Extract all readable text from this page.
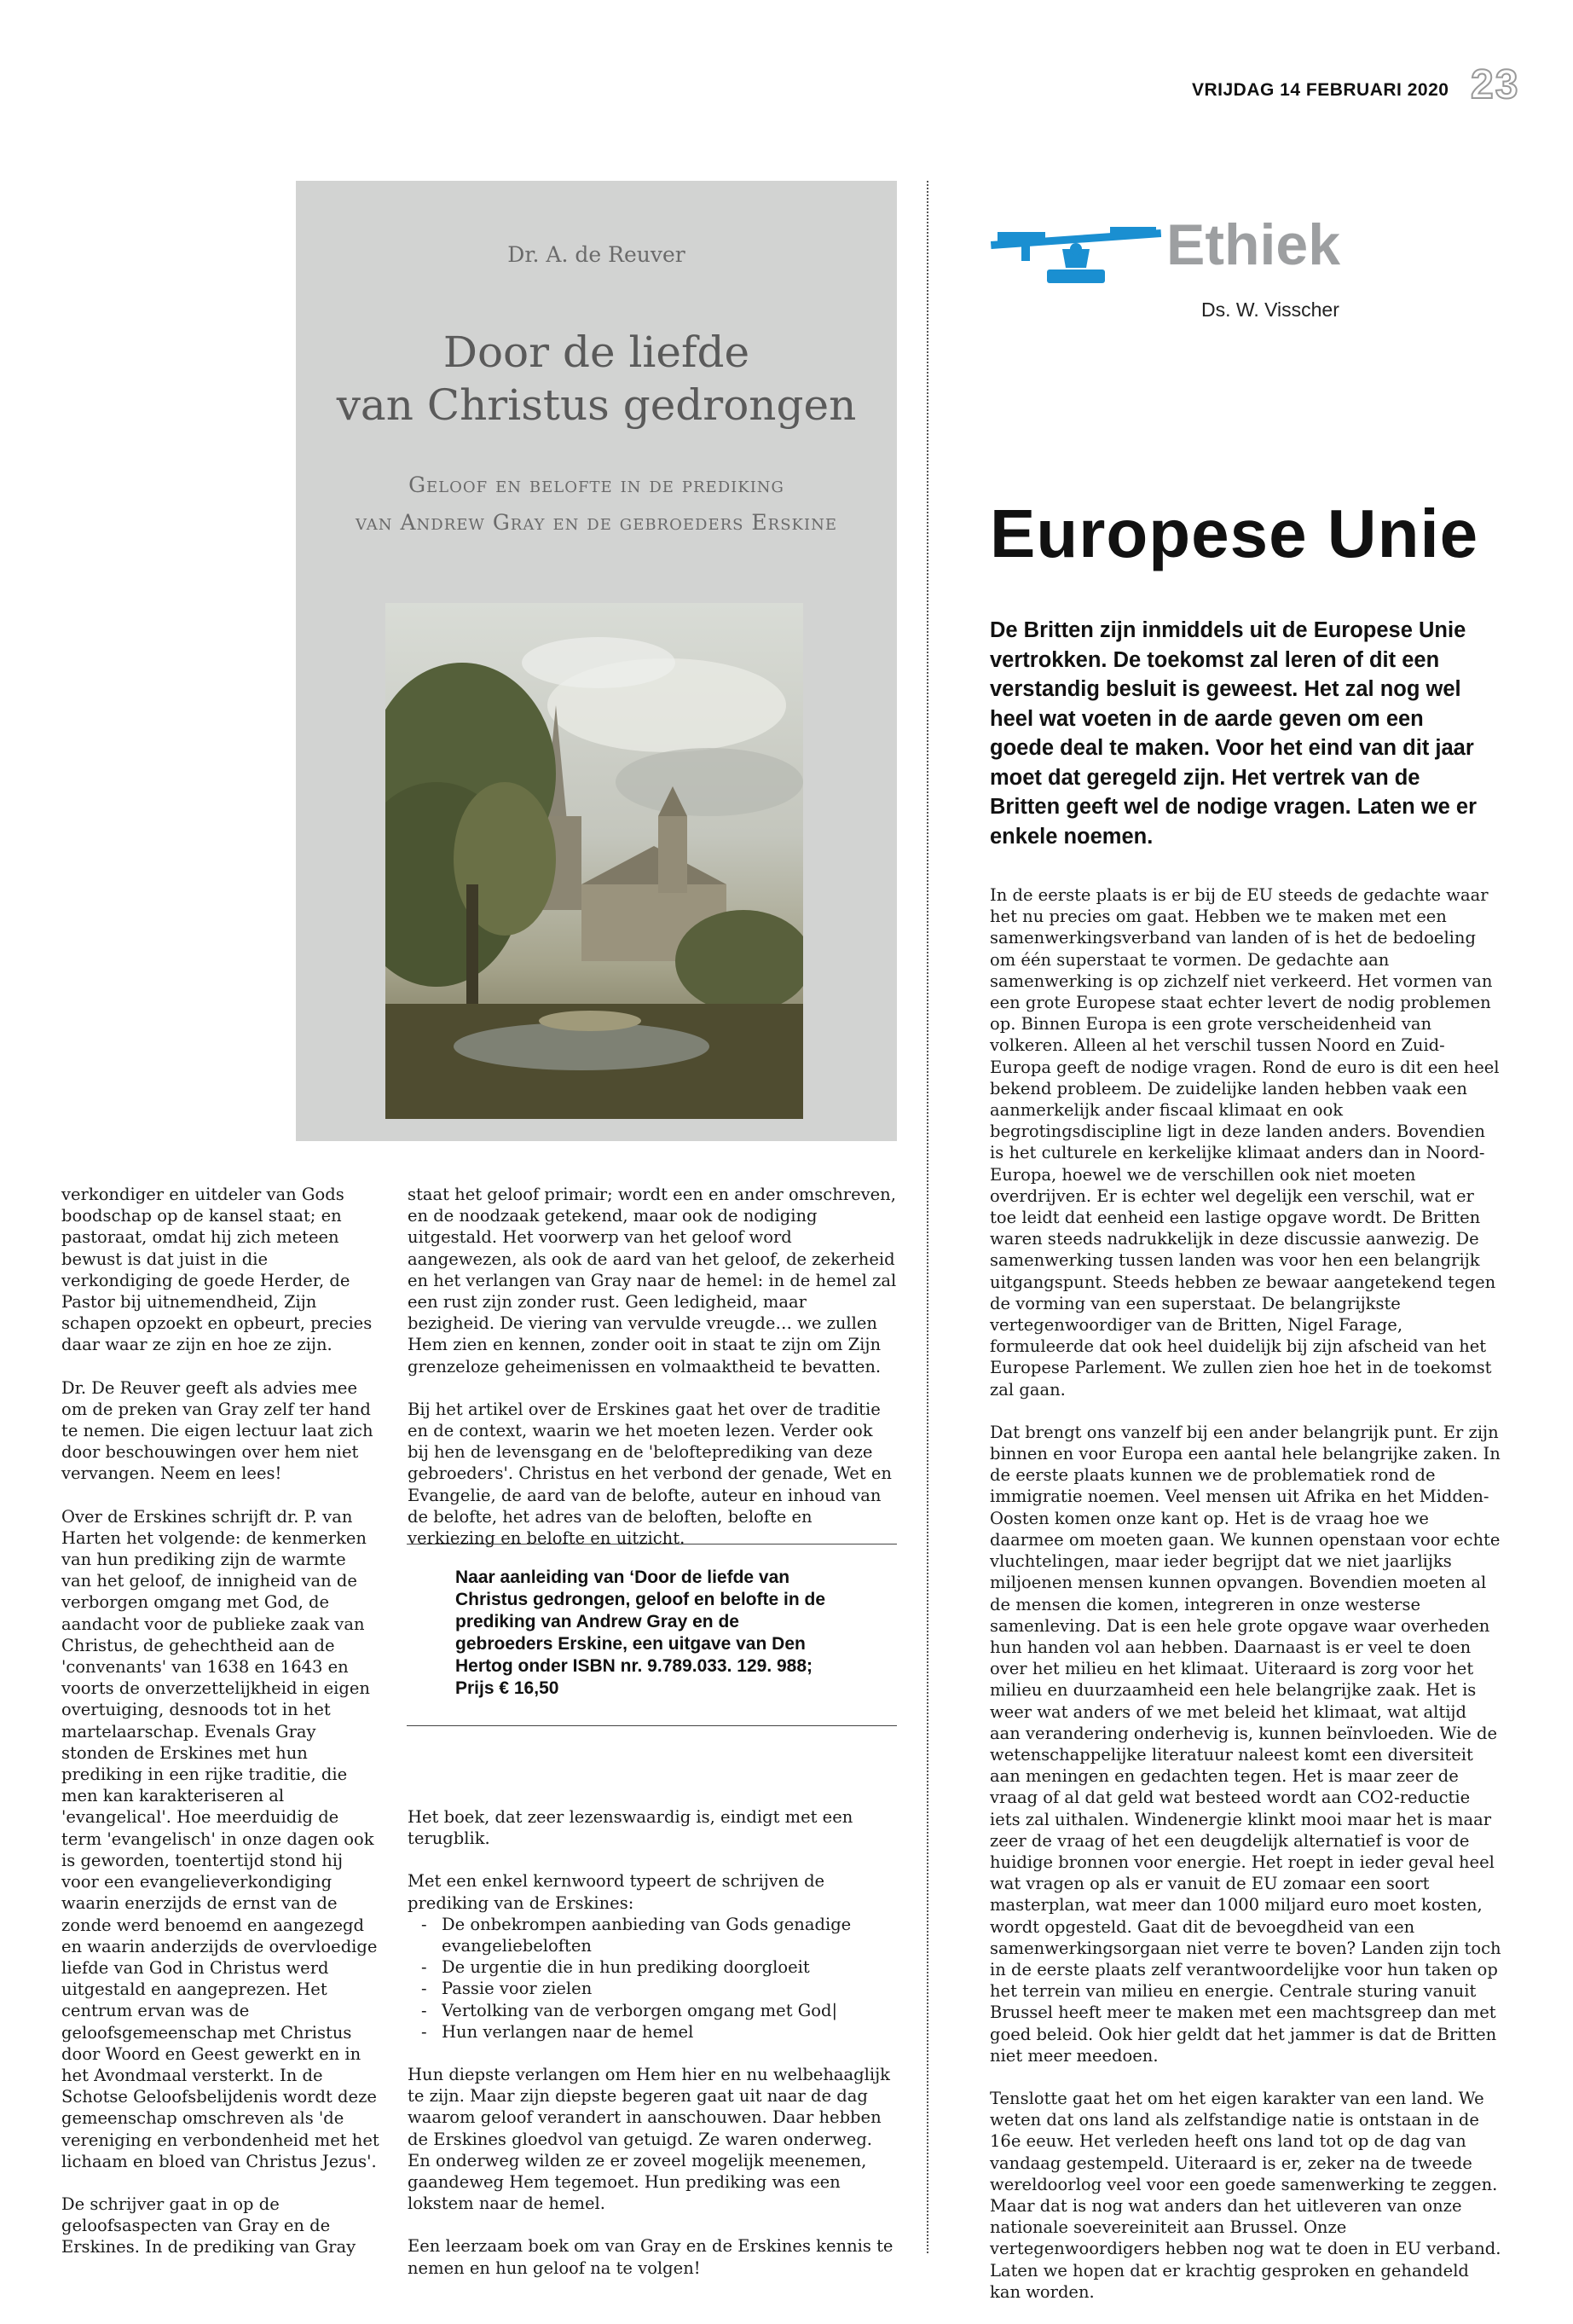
VRIJDAG 14 FEBRUARI 2020 23
Dr. A. de Reuver
Door de liefde
van Christus gedrongen
Geloof en belofte in de prediking
van Andrew Gray en de gebroeders Erskine
Ethiek
Ds. W. Visscher
Europese Unie
De Britten zijn inmiddels uit de Europese Unie vertrokken. De toekomst zal leren of dit een verstandig besluit is geweest. Het zal nog wel heel wat voeten in de aarde geven om een goede deal te maken. Voor het eind van dit jaar moet dat geregeld zijn. Het vertrek van de Britten geeft wel de nodige vragen. Laten we er enkele noemen.

In de eerste plaats is er bij de EU steeds de gedachte waar het nu precies om gaat. Hebben we te maken met een samenwerkingsverband van landen of is het de bedoeling om één superstaat te vormen. De gedachte aan samenwerking is op zichzelf niet verkeerd. Het vormen van een grote Europese staat echter levert de nodig problemen op. Binnen Europa is een grote verscheidenheid van volkeren. Alleen al het verschil tussen Noord en Zuid-Europa geeft de nodige vragen. Rond de euro is dit een heel bekend probleem. De zuidelijke landen hebben vaak een aanmerkelijk ander fiscaal klimaat en ook begrotingsdiscipline ligt in deze landen anders. Bovendien is het culturele en kerkelijke klimaat anders dan in Noord-Europa, hoewel we de verschillen ook niet moeten overdrijven. Er is echter wel degelijk een verschil, wat er toe leidt dat eenheid een lastige opgave wordt. De Britten waren steeds nadrukkelijk in deze discussie aanwezig. De samenwerking tussen landen was voor hen een belangrijk uitgangspunt. Steeds hebben ze bewaar aangetekend tegen de vorming van een superstaat. De belangrijkste vertegenwoordiger van de Britten, Nigel Farage, formuleerde dat ook heel duidelijk bij zijn afscheid van het Europese Parlement. We zullen zien hoe het in de toekomst zal gaan.

Dat brengt ons vanzelf bij een ander belangrijk punt. Er zijn binnen en voor Europa een aantal hele belangrijke zaken. In de eerste plaats kunnen we de problematiek rond de immigratie noemen. Veel mensen uit Afrika en het Midden-Oosten komen onze kant op. Het is de vraag hoe we daarmee om moeten gaan. We kunnen openstaan voor echte vluchtelingen, maar ieder begrijpt dat we niet jaarlijks miljoenen mensen kunnen opvangen. Bovendien moeten al de mensen die komen, integreren in onze westerse samenleving. Dat is een hele grote opgave waar overheden hun handen vol aan hebben. Daarnaast is er veel te doen over het milieu en het klimaat. Uiteraard is zorg voor het milieu en duurzaamheid een hele belangrijke zaak. Het is weer wat anders of we met beleid het klimaat, wat altijd aan verandering onderhevig is, kunnen beïnvloeden. Wie de wetenschappelijke literatuur naleest komt een diversiteit aan meningen en gedachten tegen. Het is maar zeer de vraag of al dat geld wat besteed wordt aan CO2-reductie iets zal uithalen. Windenergie klinkt mooi maar het is maar zeer de vraag of het een deugdelijk alternatief is voor de huidige bronnen voor energie. Het roept in ieder geval heel wat vragen op als er vanuit de EU zomaar een soort masterplan, wat meer dan 1000 miljard euro moet kosten, wordt opgesteld. Gaat dit de bevoegdheid van een samenwerkingsorgaan niet verre te boven? Landen zijn toch in de eerste plaats zelf verantwoordelijke voor hun taken op het terrein van milieu en energie. Centrale sturing vanuit Brussel heeft meer te maken met een machtsgreep dan met goed beleid. Ook hier geldt dat het jammer is dat de Britten niet meer meedoen.

Tenslotte gaat het om het eigen karakter van een land. We weten dat ons land als zelfstandige natie is ontstaan in de 16e eeuw. Het verleden heeft ons land tot op de dag van vandaag gestempeld. Uiteraard is er, zeker na de tweede wereldoorlog veel voor een goede samenwerking te zeggen. Maar dat is nog wat anders dan het uitleveren van onze nationale soevereiniteit aan Brussel. Onze vertegenwoordigers hebben nog wat te doen in EU verband. Laten we hopen dat er krachtig gesproken en gehandeld kan worden.

verkondiger en uitdeler van Gods boodschap op de kansel staat; en pastoraat, omdat hij zich meteen bewust is dat juist in die verkondiging de goede Herder, de Pastor bij uitnemendheid, Zijn schapen opzoekt en opbeurt, precies daar waar ze zijn en hoe ze zijn.

Dr. De Reuver geeft als advies mee om de preken van Gray zelf ter hand te nemen. Die eigen lectuur laat zich door beschouwingen over hem niet vervangen. Neem en lees!

Over de Erskines schrijft dr. P. van Harten het volgende: de kenmerken van hun prediking zijn de warmte van het geloof, de innigheid van de verborgen omgang met God, de aandacht voor de publieke zaak van Christus, de gehechtheid aan de 'convenants' van 1638 en 1643 en voorts de onverzettelijkheid in eigen overtuiging, desnoods tot in het martelaarschap. Evenals Gray stonden de Erskines met hun prediking in een rijke traditie, die men kan karakteriseren al 'evangelical'. Hoe meerduidig de term 'evangelisch' in onze dagen ook is geworden, toentertijd stond hij voor een evangelieverkondiging waarin enerzijds de ernst van de zonde werd benoemd en aangezegd en waarin anderzijds de overvloedige liefde van God in Christus werd uitgestald en aangeprezen. Het centrum ervan was de geloofsgemeenschap met Christus door Woord en Geest gewerkt en in het Avondmaal versterkt. In de Schotse Geloofsbelijdenis wordt deze gemeenschap omschreven als 'de vereniging en verbondenheid met het lichaam en bloed van Christus Jezus'.

De schrijver gaat in op de geloofsaspecten van Gray en de Erskines. In de prediking van Gray

staat het geloof primair; wordt een en ander omschreven, en de noodzaak getekend, maar ook de nodiging uitgestald. Het voorwerp van het geloof word aangewezen, als ook de aard van het geloof, de zekerheid en het verlangen van Gray naar de hemel: in de hemel zal een rust zijn zonder rust. Geen ledigheid, maar bezigheid. De viering van vervulde vreugde… we zullen Hem zien en kennen, zonder ooit in staat te zijn om Zijn grenzeloze geheimenissen en volmaaktheid te bevatten.

Bij het artikel over de Erskines gaat het over de traditie en de context, waarin we het moeten lezen. Verder ook bij hen de levensgang en de 'belofteprediking van deze gebroeders'. Christus en het verbond der genade, Wet en Evangelie, de aard van de belofte, auteur en inhoud van de belofte, het adres van de beloften, belofte en verkiezing en belofte en uitzicht.

Naar aanleiding van ‘Door de liefde van Christus gedrongen, geloof en belofte in de prediking van Andrew Gray en de gebroeders Erskine, een uitgave van Den Hertog onder ISBN nr. 9.789.033. 129. 988; Prijs € 16,50

Het boek, dat zeer lezenswaardig is, eindigt met een terugblik.

Met een enkel kernwoord typeert de schrijven de prediking van de Erskines:

- De onbekrompen aanbieding van Gods genadige evangeliebeloften
- De urgentie die in hun prediking doorgloeit
- Passie voor zielen
- Vertolking van de verborgen omgang met God|
- Hun verlangen naar de hemel

Hun diepste verlangen om Hem hier en nu welbehaaglijk te zijn. Maar zijn diepste begeren gaat uit naar de dag waarom geloof verandert in aanschouwen. Daar hebben de Erskines gloedvol van getuigd. Ze waren onderweg. En onderweg wilden ze er zoveel mogelijk meenemen, gaandeweg Hem tegemoet. Hun prediking was een lokstem naar de hemel.

Een leerzaam boek om van Gray en de Erskines kennis te nemen en hun geloof na te volgen!
